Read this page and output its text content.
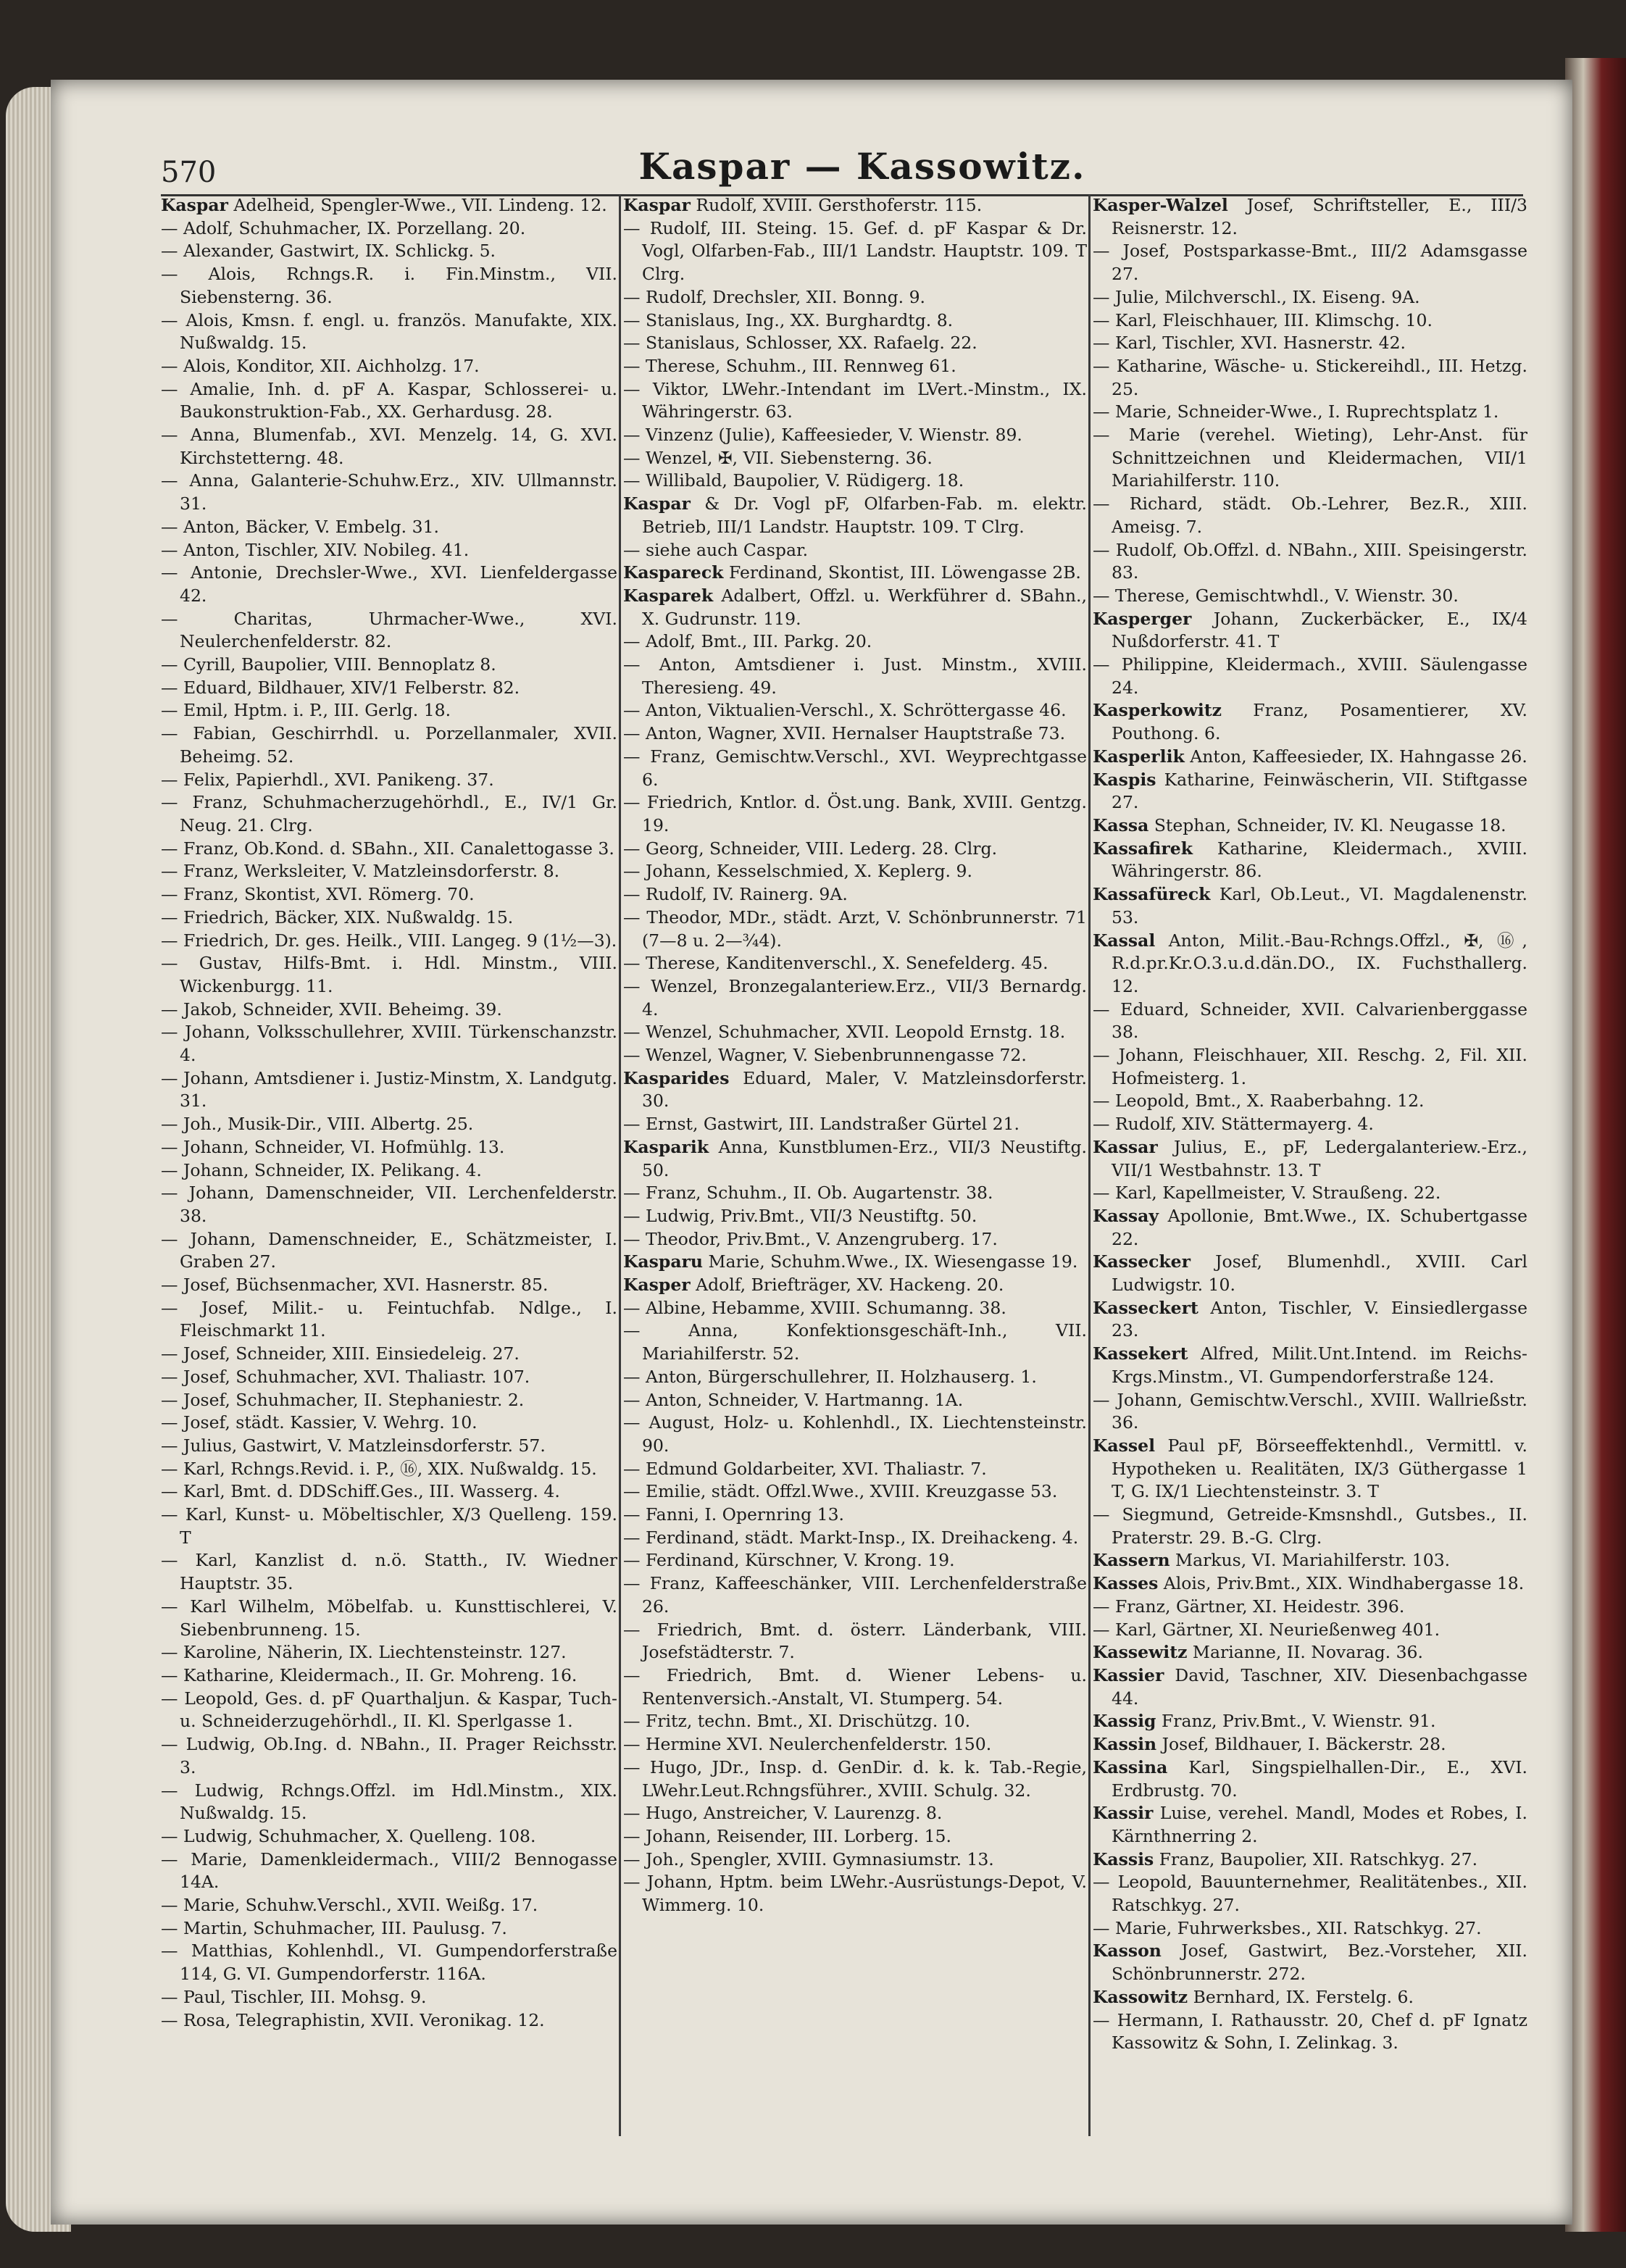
570	Kaspar — Kassowitz.

Kaspar Adelheid, Spengler-Wwe., VII. Lindeng. 12.

— Adolf, Schuhmacher, IX. Porzellang. 20.

— Alexander, Gastwirt, IX. Schlickg. 5.

— Alois, Rchngs.R. i. Fin.Minstm., VII. Siebensterng. 36.

— Alois, Kmsn. f. engl. u. französ. Manufakte, XIX. Nußwaldg. 15.

— Alois, Konditor, XII. Aichholzg. 17.

— Amalie, Inh. d. pF A. Kaspar, Schlosserei- u. Baukonstruktion-Fab., XX. Gerhardusg. 28.

— Anna, Blumenfab., XVI. Menzelg. 14, G. XVI. Kirchstetterng. 48.

— Anna, Galanterie-Schuhw.Erz., XIV. Ullmannstr. 31.

— Anton, Bäcker, V. Embelg. 31.

— Anton, Tischler, XIV. Nobileg. 41.

— Antonie, Drechsler-Wwe., XVI. Lienfeldergasse 42.

— Charitas, Uhrmacher-Wwe., XVI. Neulerchenfelderstr. 82.

— Cyrill, Baupolier, VIII. Bennoplatz 8.

— Eduard, Bildhauer, XIV/1 Felberstr. 82.

— Emil, Hptm. i. P., III. Gerlg. 18.

— Fabian, Geschirrhdl. u. Porzellanmaler, XVII. Beheimg. 52.

— Felix, Papierhdl., XVI. Panikeng. 37.

— Franz, Schuhmacherzugehörhdl., E., IV/1 Gr. Neug. 21. Clrg.

— Franz, Ob.Kond. d. SBahn., XII. Canalettogasse 3.

— Franz, Werksleiter, V. Matzleinsdorferstr. 8.

— Franz, Skontist, XVI. Römerg. 70.

— Friedrich, Bäcker, XIX. Nußwaldg. 15.

— Friedrich, Dr. ges. Heilk., VIII. Langeg. 9 (1½—3).

— Gustav, Hilfs-Bmt. i. Hdl. Minstm., VIII. Wickenburgg. 11.

— Jakob, Schneider, XVII. Beheimg. 39.

— Johann, Volksschullehrer, XVIII. Türkenschanzstr. 4.

— Johann, Amtsdiener i. Justiz-Minstm, X. Landgutg. 31.

— Joh., Musik-Dir., VIII. Albertg. 25.

— Johann, Schneider, VI. Hofmühlg. 13.

— Johann, Schneider, IX. Pelikang. 4.

— Johann, Damenschneider, VII. Lerchenfelderstr. 38.

— Johann, Damenschneider, E., Schätzmeister, I. Graben 27.

— Josef, Büchsenmacher, XVI. Hasnerstr. 85.

— Josef, Milit.- u. Feintuchfab. Ndlge., I. Fleischmarkt 11.

— Josef, Schneider, XIII. Einsiedeleig. 27.

— Josef, Schuhmacher, XVI. Thaliastr. 107.

— Josef, Schuhmacher, II. Stephaniestr. 2.

— Josef, städt. Kassier, V. Wehrg. 10.

— Julius, Gastwirt, V. Matzleinsdorferstr. 57.

— Karl, Rchngs.Revid. i. P., ⑯, XIX. Nußwaldg. 15.

— Karl, Bmt. d. DDSchiff.Ges., III. Wasserg. 4.

— Karl, Kunst- u. Möbeltischler, X/3 Quelleng. 159. T

— Karl, Kanzlist d. n.ö. Statth., IV. Wiedner Hauptstr. 35.

— Karl Wilhelm, Möbelfab. u. Kunsttischlerei, V. Siebenbrunneng. 15.

— Karoline, Näherin, IX. Liechtensteinstr. 127.

— Katharine, Kleidermach., II. Gr. Mohreng. 16.

— Leopold, Ges. d. pF Quarthaljun. & Kaspar, Tuch- u. Schneiderzugehörhdl., II. Kl. Sperlgasse 1.

— Ludwig, Ob.Ing. d. NBahn., II. Prager Reichsstr. 3.

— Ludwig, Rchngs.Offzl. im Hdl.Minstm., XIX. Nußwaldg. 15.

— Ludwig, Schuhmacher, X. Quelleng. 108.

— Marie, Damenkleidermach., VIII/2 Bennogasse 14A.

— Marie, Schuhw.Verschl., XVII. Weißg. 17.

— Martin, Schuhmacher, III. Paulusg. 7.

— Matthias, Kohlenhdl., VI. Gumpendorferstraße 114, G. VI. Gumpendorferstr. 116A.

— Paul, Tischler, III. Mohsg. 9.

— Rosa, Telegraphistin, XVII. Veronikag. 12.

Kaspar Rudolf, XVIII. Gersthoferstr. 115.

— Rudolf, III. Steing. 15. Gef. d. pF Kaspar & Dr. Vogl, Olfarben-Fab., III/1 Landstr. Hauptstr. 109. T Clrg.

— Rudolf, Drechsler, XII. Bonng. 9.

— Stanislaus, Ing., XX. Burghardtg. 8.

— Stanislaus, Schlosser, XX. Rafaelg. 22.

— Therese, Schuhm., III. Rennweg 61.

— Viktor, LWehr.-Intendant im LVert.-Minstm., IX. Währingerstr. 63.

— Vinzenz (Julie), Kaffeesieder, V. Wienstr. 89.

— Wenzel, ✠, VII. Siebensterng. 36.

— Willibald, Baupolier, V. Rüdigerg. 18.

Kaspar & Dr. Vogl pF, Olfarben-Fab. m. elektr. Betrieb, III/1 Landstr. Hauptstr. 109. T Clrg.

— siehe auch Caspar.

Kaspareck Ferdinand, Skontist, III. Löwengasse 2B.

Kasparek Adalbert, Offzl. u. Werkführer d. SBahn., X. Gudrunstr. 119.

— Adolf, Bmt., III. Parkg. 20.

— Anton, Amtsdiener i. Just. Minstm., XVIII. Theresieng. 49.

— Anton, Viktualien-Verschl., X. Schröttergasse 46.

— Anton, Wagner, XVII. Hernalser Hauptstraße 73.

— Franz, Gemischtw.Verschl., XVI. Weyprechtgasse 6.

— Friedrich, Kntlor. d. Öst.ung. Bank, XVIII. Gentzg. 19.

— Georg, Schneider, VIII. Lederg. 28. Clrg.

— Johann, Kesselschmied, X. Keplerg. 9.

— Rudolf, IV. Rainerg. 9A.

— Theodor, MDr., städt. Arzt, V. Schönbrunnerstr. 71 (7—8 u. 2—¾4).

— Therese, Kanditenverschl., X. Senefelderg. 45.

— Wenzel, Bronzegalanteriew.Erz., VII/3 Bernardg. 4.

— Wenzel, Schuhmacher, XVII. Leopold Ernstg. 18.

— Wenzel, Wagner, V. Siebenbrunnengasse 72.

Kasparides Eduard, Maler, V. Matzleinsdorferstr. 30.

— Ernst, Gastwirt, III. Landstraßer Gürtel 21.

Kasparik Anna, Kunstblumen-Erz., VII/3 Neustiftg. 50.

— Franz, Schuhm., II. Ob. Augartenstr. 38.

— Ludwig, Priv.Bmt., VII/3 Neustiftg. 50.

— Theodor, Priv.Bmt., V. Anzengruberg. 17.

Kasparu Marie, Schuhm.Wwe., IX. Wiesengasse 19.

Kasper Adolf, Briefträger, XV. Hackeng. 20.

— Albine, Hebamme, XVIII. Schumanng. 38.

— Anna, Konfektionsgeschäft-Inh., VII. Mariahilferstr. 52.

— Anton, Bürgerschullehrer, II. Holzhauserg. 1.

— Anton, Schneider, V. Hartmanng. 1A.

— August, Holz- u. Kohlenhdl., IX. Liechtensteinstr. 90.

— Edmund Goldarbeiter, XVI. Thaliastr. 7.

— Emilie, städt. Offzl.Wwe., XVIII. Kreuzgasse 53.

— Fanni, I. Opernring 13.

— Ferdinand, städt. Markt-Insp., IX. Dreihackeng. 4.

— Ferdinand, Kürschner, V. Krong. 19.

— Franz, Kaffeeschänker, VIII. Lerchenfelderstraße 26.

— Friedrich, Bmt. d. österr. Länderbank, VIII. Josefstädterstr. 7.

— Friedrich, Bmt. d. Wiener Lebens- u. Rentenversich.-Anstalt, VI. Stumperg. 54.

— Fritz, techn. Bmt., XI. Drischützg. 10.

— Hermine XVI. Neulerchenfelderstr. 150.

— Hugo, JDr., Insp. d. GenDir. d. k. k. Tab.-Regie, LWehr.Leut.Rchngsführer., XVIII. Schulg. 32.

— Hugo, Anstreicher, V. Laurenzg. 8.

— Johann, Reisender, III. Lorberg. 15.

— Joh., Spengler, XVIII. Gymnasiumstr. 13.

— Johann, Hptm. beim LWehr.-Ausrüstungs-Depot, V. Wimmerg. 10.

Kasper-Walzel Josef, Schriftsteller, E., III/3 Reisnerstr. 12.

— Josef, Postsparkasse-Bmt., III/2 Adamsgasse 27.

— Julie, Milchverschl., IX. Eiseng. 9A.

— Karl, Fleischhauer, III. Klimschg. 10.

— Karl, Tischler, XVI. Hasnerstr. 42.

— Katharine, Wäsche- u. Stickereihdl., III. Hetzg. 25.

— Marie, Schneider-Wwe., I. Ruprechtsplatz 1.

— Marie (verehel. Wieting), Lehr-Anst. für Schnittzeichnen und Kleidermachen, VII/1 Mariahilferstr. 110.

— Richard, städt. Ob.-Lehrer, Bez.R., XIII. Ameisg. 7.

— Rudolf, Ob.Offzl. d. NBahn., XIII. Speisingerstr. 83.

— Therese, Gemischtwhdl., V. Wienstr. 30.

Kasperger Johann, Zuckerbäcker, E., IX/4 Nußdorferstr. 41. T

— Philippine, Kleidermach., XVIII. Säulengasse 24.

Kasperkowitz Franz, Posamentierer, XV. Pouthong. 6.

Kasperlik Anton, Kaffeesieder, IX. Hahngasse 26.

Kaspis Katharine, Feinwäscherin, VII. Stiftgasse 27.

Kassa Stephan, Schneider, IV. Kl. Neugasse 18.

Kassafirek Katharine, Kleidermach., XVIII. Währingerstr. 86.

Kassafüreck Karl, Ob.Leut., VI. Magdalenenstr. 53.

Kassal Anton, Milit.-Bau-Rchngs.Offzl., ✠, ⑯, R.d.pr.Kr.O.3.u.d.dän.DO., IX. Fuchsthallerg. 12.

— Eduard, Schneider, XVII. Calvarienberggasse 38.

— Johann, Fleischhauer, XII. Reschg. 2, Fil. XII. Hofmeisterg. 1.

— Leopold, Bmt., X. Raaberbahng. 12.

— Rudolf, XIV. Stättermayerg. 4.

Kassar Julius, E., pF, Ledergalanteriew.-Erz., VII/1 Westbahnstr. 13. T

— Karl, Kapellmeister, V. Straußeng. 22.

Kassay Apollonie, Bmt.Wwe., IX. Schubertgasse 22.

Kassecker Josef, Blumenhdl., XVIII. Carl Ludwigstr. 10.

Kasseckert Anton, Tischler, V. Einsiedlergasse 23.

Kassekert Alfred, Milit.Unt.Intend. im Reichs-Krgs.Minstm., VI. Gumpendorferstraße 124.

— Johann, Gemischtw.Verschl., XVIII. Wallrießstr. 36.

Kassel Paul pF, Börseeffektenhdl., Vermittl. v. Hypotheken u. Realitäten, IX/3 Güthergasse 1 T, G. IX/1 Liechtensteinstr. 3. T

— Siegmund, Getreide-Kmsnshdl., Gutsbes., II. Praterstr. 29. B.-G. Clrg.

Kassern Markus, VI. Mariahilferstr. 103.

Kasses Alois, Priv.Bmt., XIX. Windhabergasse 18.

— Franz, Gärtner, XI. Heidestr. 396.

— Karl, Gärtner, XI. Neurießenweg 401.

Kassewitz Marianne, II. Novarag. 36.

Kassier David, Taschner, XIV. Diesenbachgasse 44.

Kassig Franz, Priv.Bmt., V. Wienstr. 91.

Kassin Josef, Bildhauer, I. Bäckerstr. 28.

Kassina Karl, Singspielhallen-Dir., E., XVI. Erdbrustg. 70.

Kassir Luise, verehel. Mandl, Modes et Robes, I. Kärnthnerring 2.

Kassis Franz, Baupolier, XII. Ratschkyg. 27.

— Leopold, Bauunternehmer, Realitätenbes., XII. Ratschkyg. 27.

— Marie, Fuhrwerksbes., XII. Ratschkyg. 27.

Kasson Josef, Gastwirt, Bez.-Vorsteher, XII. Schönbrunnerstr. 272.

Kassowitz Bernhard, IX. Ferstelg. 6.

— Hermann, I. Rathausstr. 20, Chef d. pF Ignatz Kassowitz & Sohn, I. Zelinkag. 3.
